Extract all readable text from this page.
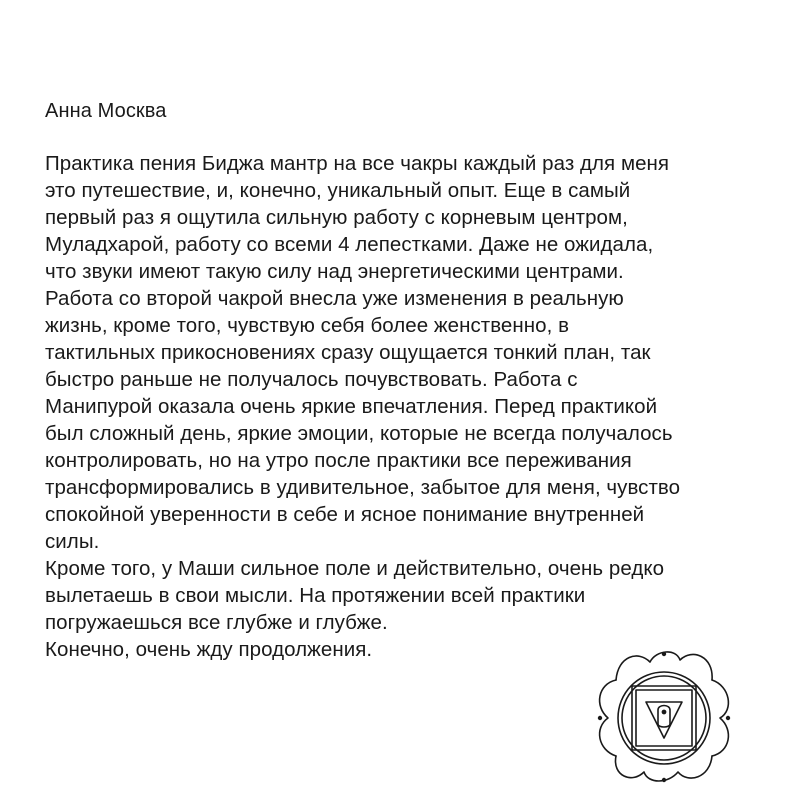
Анна Москва

Практика пения Биджа мантр на все чакры каждый раз для меня
это путешествие, и, конечно, уникальный опыт. Еще в самый
первый раз я ощутила сильную работу с корневым центром,
Муладхарой, работу со всеми 4 лепестками. Даже не ожидала,
что звуки имеют такую силу над энергетическими центрами.
Работа со второй чакрой внесла уже изменения в реальную
жизнь, кроме того, чувствую себя более женственно, в
тактильных прикосновениях сразу ощущается тонкий план, так
быстро раньше не получалось почувствовать. Работа с
Манипурой оказала очень яркие впечатления. Перед практикой
был сложный день, яркие эмоции, которые не всегда получалось
контролировать, но на утро после практики все переживания
трансформировались в удивительное, забытое для меня, чувство
спокойной уверенности в себе и ясное понимание внутренней
силы.
Кроме того, у Маши сильное поле и действительно, очень редко
вылетаешь в свои мысли. На протяжении всей практики
погружаешься все глубже и глубже.
Конечно, очень жду продолжения.
